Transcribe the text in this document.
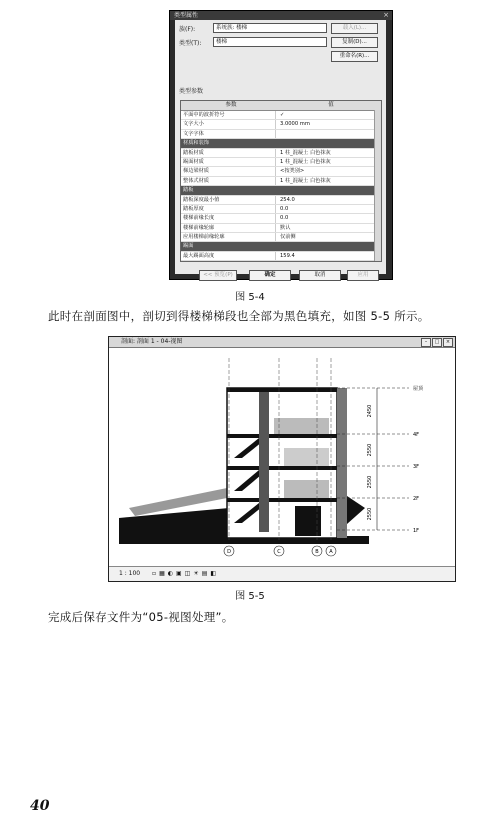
类型属性	×
族(F):	系统族: 楼梯	载入(L)...
类型(T):	楼梯	复制(D)...
重命名(R)...
类型参数
参数	值
平面中的波折符号	✓
文字大小	3.0000 mm
文字字体
材质和装饰
踏板材质	1 柱_混凝土 白色抹灰
踢面材质	1 柱_混凝土 白色抹灰
梯边梁材质	<按类别>
整体式材质	1 柱_混凝土 白色抹灰
踏板
踏板深度最小值	254.0
踏板厚度	0.0
楼梯前缘长度	0.0
楼梯前缘轮廓	默认
应用楼梯前缘轮廓	仅前侧
踢面
最大踢面高度	159.4
<< 预览(P)	确定	取消	应用
图 5-4
此时在剖面图中，剖切到得楼梯梯段也全部为黑色填充，如图 5-5 所示。
剖面: 剖面 1 - 04-视图	–	□	×
1F
2F
3F
4F
屋顶
2450
2550
2550
2550
D	C	B A
1 : 100 ▫▦◐▣◫☀▤◧
图 5-5
完成后保存文件为“05-视图处理”。
40
